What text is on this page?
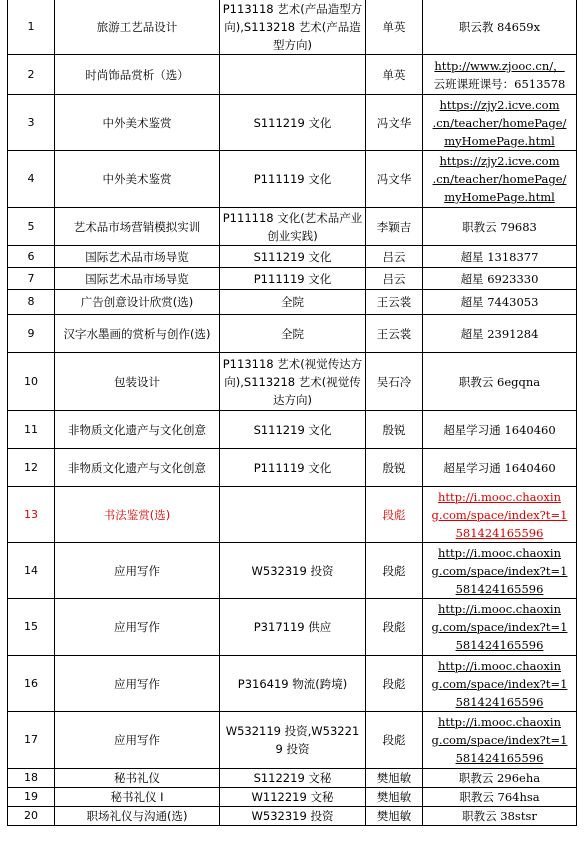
1	旅游工艺品设计	P113118 艺术(产品造型方向),S113218 艺术(产品造型方向)	单英	职云教 84659x

2	时尚饰品赏析（选）		单英	http://www.zjooc.cn/，
云班课班课号：6513578

3	中外美术鉴赏	S111219 文化	冯文华	https://zjy2.icve.com
.cn/teacher/homePage/
myHomePage.html

4	中外美术鉴赏	P111119 文化	冯文华	https://zjy2.icve.com
.cn/teacher/homePage/
myHomePage.html

5	艺术品市场营销模拟实训	P111118 文化(艺术品产业创业实践)	李颖吉	职教云 79683

6	国际艺术品市场导览	S111219 文化	吕云	超星 1318377

7	国际艺术品市场导览	P111119 文化	吕云	超星 6923330

8	广告创意设计欣赏(选)	全院	王云裳	超星 7443053

9	汉字水墨画的赏析与创作(选)	全院	王云裳	超星 2391284

10	包装设计	P113118 艺术(视觉传达方向),S113218 艺术(视觉传达方向)	吴石冷	职教云 6egqna

11	非物质文化遗产与文化创意	S111219 文化	殷锐	超星学习通 1640460

12	非物质文化遗产与文化创意	P111119 文化	殷锐	超星学习通 1640460

13	书法鉴赏(选)		段彪	http://i.mooc.chaoxin
g.com/space/index?t=1
581424165596

14	应用写作	W532319 投资	段彪	http://i.mooc.chaoxin
g.com/space/index?t=1
581424165596

15	应用写作	P317119 供应	段彪	http://i.mooc.chaoxin
g.com/space/index?t=1
581424165596

16	应用写作	P316419 物流(跨境)	段彪	http://i.mooc.chaoxin
g.com/space/index?t=1
581424165596

17	应用写作	W532119 投资,W532219 投资	段彪	http://i.mooc.chaoxin
g.com/space/index?t=1
581424165596

18	秘书礼仪	S112219 文秘	樊旭敏	职教云 296eha

19	秘书礼仪 I	W112219 文秘	樊旭敏	职教云 764hsa

20	职场礼仪与沟通(选)	W532319 投资	樊旭敏	职教云 38stsr
